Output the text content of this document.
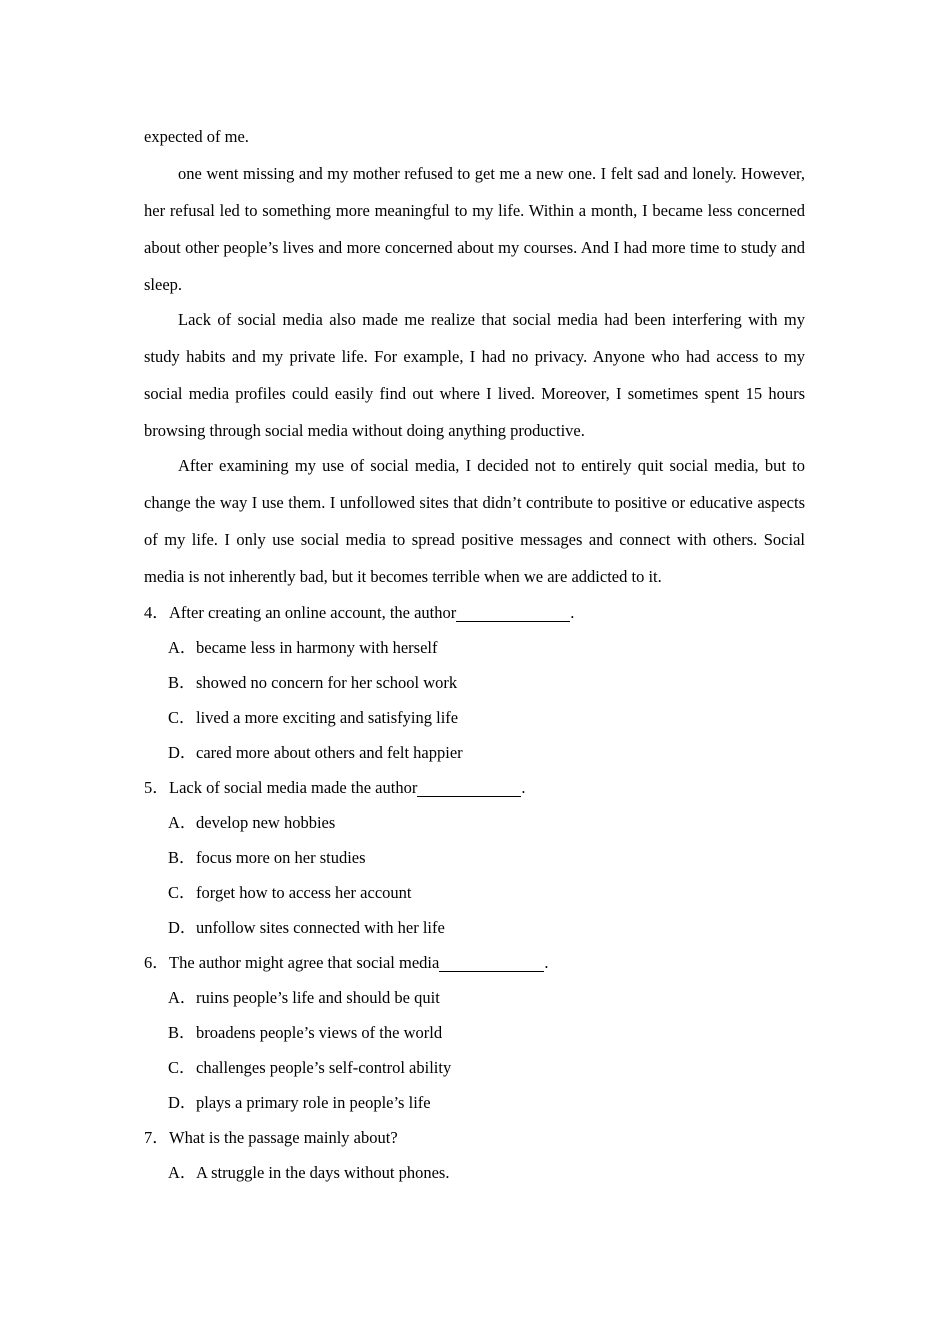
expected of me.

one went missing and my mother refused to get me a new one. I felt sad and lonely. However, her refusal led to something more meaningful to my life. Within a month, I became less concerned about other people’s lives and more concerned about my courses. And I had more time to study and sleep.

Lack of social media also made me realize that social media had been interfering with my study habits and my private life. For example, I had no privacy. Anyone who had access to my social media profiles could easily find out where I lived. Moreover, I sometimes spent 15 hours browsing through social media without doing anything productive.

After examining my use of social media, I decided not to entirely quit social media, but to change the way I use them. I unfollowed sites that didn’t contribute to positive or educative aspects of my life. I only use social media to spread positive messages and connect with others. Social media is not inherently bad, but it becomes terrible when we are addicted to it.

4．After creating an online account, the author	.
A．became less in harmony with herself
B．showed no concern for her school work
C．lived a more exciting and satisfying life
D．cared more about others and felt happier
5．Lack of social media made the author	.
A．develop new hobbies
B．focus more on her studies
C．forget how to access her account
D．unfollow sites connected with her life
6．The author might agree that social media	.
A．ruins people’s life and should be quit
B．broadens people’s views of the world
C．challenges people’s self-control ability
D．plays a primary role in people’s life
7．What is the passage mainly about?
A．A struggle in the days without phones.
